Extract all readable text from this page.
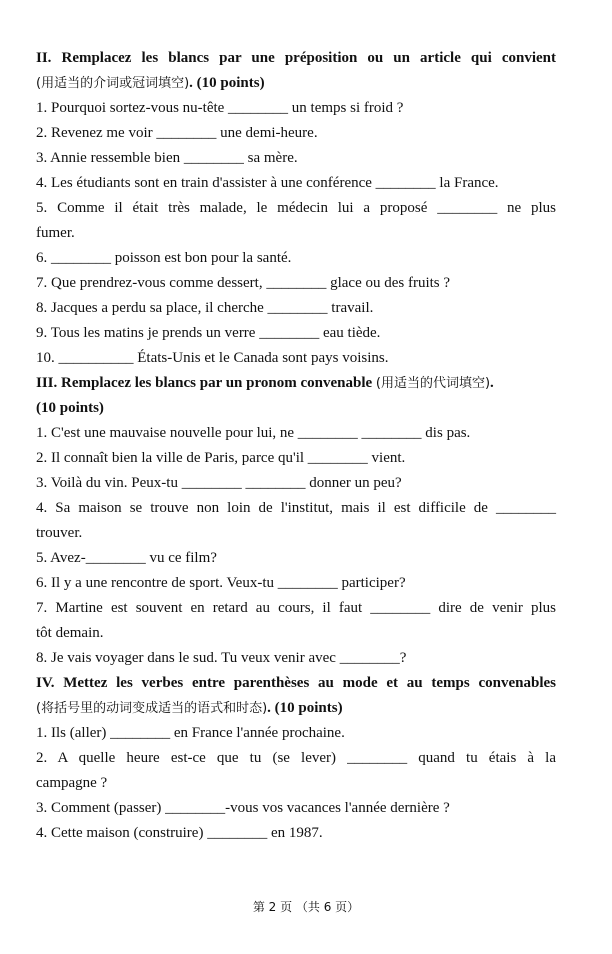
II. Remplacez les blancs par une préposition ou un article qui convient
(用适当的介词或冠词填空). (10 points)
1. Pourquoi sortez-vous nu-tête ________ un temps si froid ?
2. Revenez me voir ________ une demi-heure.
3. Annie ressemble bien ________ sa mère.
4. Les étudiants sont en train d'assister à une conférence ________ la France.
5. Comme il était très malade, le médecin lui a proposé ________ ne plus
fumer.
6. ________ poisson est bon pour la santé.
7. Que prendrez-vous comme dessert, ________ glace ou des fruits ?
8. Jacques a perdu sa place, il cherche ________ travail.
9. Tous les matins je prends un verre ________ eau tiède.
10. __________ États-Unis et le Canada sont pays voisins.
III. Remplacez les blancs par un pronom convenable (用适当的代词填空).
(10 points)
1. C'est une mauvaise nouvelle pour lui, ne ________ ________ dis pas.
2. Il connaît bien la ville de Paris, parce qu'il ________ vient.
3. Voilà du vin. Peux-tu ________ ________ donner un peu?
4. Sa maison se trouve non loin de l'institut, mais il est difficile de ________
trouver.
5. Avez-________ vu ce film?
6. Il y a une rencontre de sport. Veux-tu ________ participer?
7. Martine est souvent en retard au cours, il faut ________ dire de venir plus
tôt demain.
8. Je vais voyager dans le sud. Tu veux venir avec ________?
IV. Mettez les verbes entre parenthèses au mode et au temps convenables
(将括号里的动词变成适当的语式和时态). (10 points)
1. Ils (aller) ________ en France l'année prochaine.
2. A quelle heure est-ce que tu (se lever) ________ quand tu étais à la
campagne ?
3. Comment (passer) ________-vous vos vacances l'année dernière ?
4. Cette maison (construire) ________ en 1987.
第 2 页 （共 6 页）
